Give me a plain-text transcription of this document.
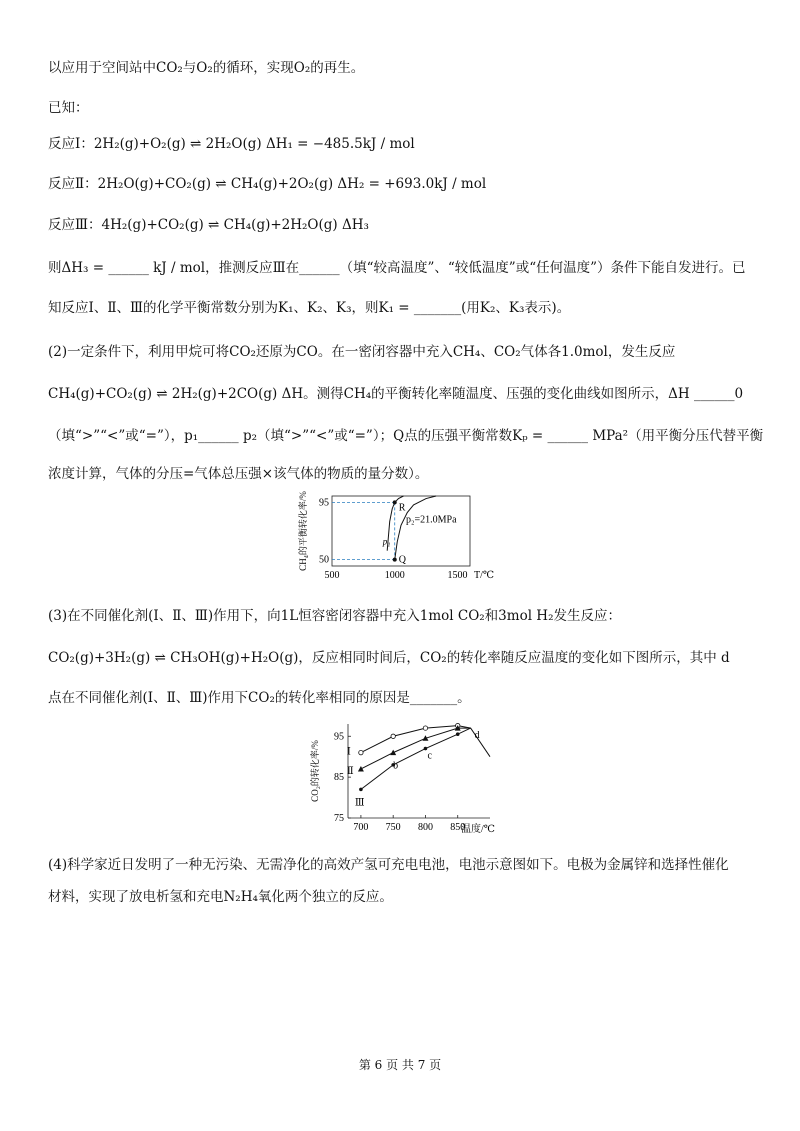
以应用于空间站中CO₂与O₂的循环，实现O₂的再生。
已知：
反应Ⅰ：2H₂(g)+O₂(g) ⇌ 2H₂O(g) ΔH₁ = −485.5kJ / mol
反应Ⅱ：2H₂O(g)+CO₂(g) ⇌ CH₄(g)+2O₂(g) ΔH₂ = +693.0kJ / mol
反应Ⅲ：4H₂(g)+CO₂(g) ⇌ CH₄(g)+2H₂O(g) ΔH₃
则ΔH₃ = ______ kJ / mol，推测反应Ⅲ在______（填“较高温度”、“较低温度”或“任何温度”）条件下能自发进行。已
知反应Ⅰ、Ⅱ、Ⅲ的化学平衡常数分别为K₁、K₂、K₃，则K₁ = _______(用K₂、K₃表示)。
(2)一定条件下，利用甲烷可将CO₂还原为CO。在一密闭容器中充入CH₄、CO₂气体各1.0mol，发生反应
CH₄(g)+CO₂(g) ⇌ 2H₂(g)+2CO(g) ΔH。测得CH₄的平衡转化率随温度、压强的变化曲线如图所示，ΔH ______0
（填“>”“<”或“=”），p₁______ p₂（填“>”“<”或“=”）；Q点的压强平衡常数Kₚ = ______ MPa²（用平衡分压代替平衡
浓度计算，气体的分压=气体总压强×该气体的物质的量分数）。
500	1000	1500
50
95
T/℃
CH₄的平衡转化率/%	R
Q
p₁
p₂=21.0MPa
(3)在不同催化剂(Ⅰ、Ⅱ、Ⅲ)作用下，向1L恒容密闭容器中充入1mol CO₂和3mol H₂发生反应：
CO₂(g)+3H₂(g) ⇌ CH₃OH(g)+H₂O(g)，反应相同时间后，CO₂的转化率随反应温度的变化如下图所示，其中 d
点在不同催化剂(Ⅰ、Ⅱ、Ⅲ)作用下CO₂的转化率相同的原因是_______。
700 750 800 850
75
85
95
温度/℃
CO₂的转化率/%	Ⅰ
Ⅱ
Ⅲ
b
c
d
(4)科学家近日发明了一种无污染、无需净化的高效产氢可充电电池，电池示意图如下。电极为金属锌和选择性催化
材料，实现了放电析氢和充电N₂H₄氧化两个独立的反应。
第 6 页 共 7 页
